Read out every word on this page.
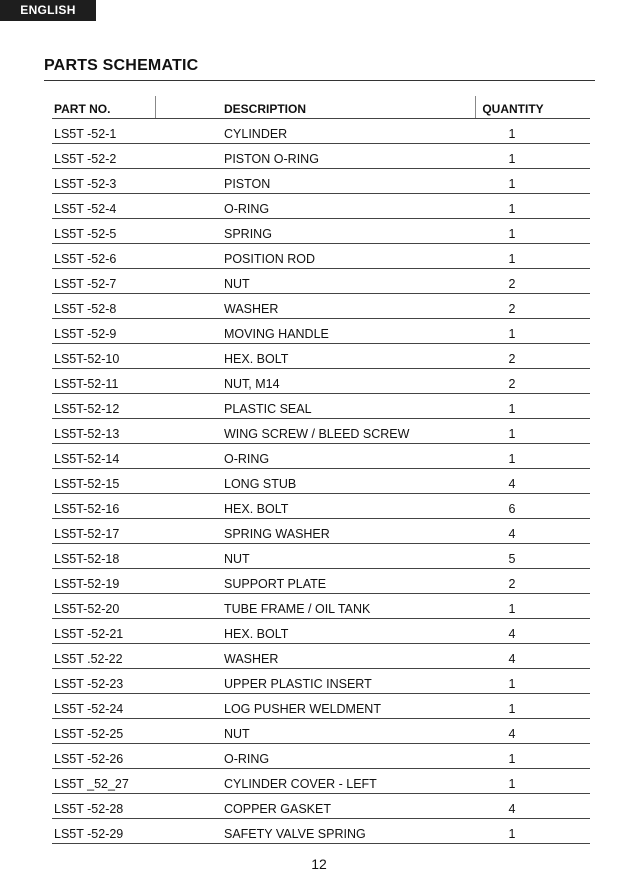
ENGLISH
PARTS SCHEMATIC
PART NO.	DESCRIPTION	QUANTITY
LS5T -52-1	CYLINDER	1
LS5T -52-2	PISTON O-RING	1
LS5T -52-3	PISTON	1
LS5T -52-4	O-RING	1
LS5T -52-5	SPRING	1
LS5T -52-6	POSITION ROD	1
LS5T -52-7	NUT	2
LS5T -52-8	WASHER	2
LS5T -52-9	MOVING HANDLE	1
LS5T-52-10	HEX. BOLT	2
LS5T-52-11	NUT, M14	2
LS5T-52-12	PLASTIC SEAL	1
LS5T-52-13	WING SCREW / BLEED SCREW	1
LS5T-52-14	O-RING	1
LS5T-52-15	LONG STUB	4
LS5T-52-16	HEX. BOLT	6
LS5T-52-17	SPRING WASHER	4
LS5T-52-18	NUT	5
LS5T-52-19	SUPPORT PLATE	2
LS5T-52-20	TUBE FRAME / OIL TANK	1
LS5T -52-21	HEX. BOLT	4
LS5T .52-22	WASHER	4
LS5T -52-23	UPPER PLASTIC INSERT	1
LS5T -52-24	LOG PUSHER WELDMENT	1
LS5T -52-25	NUT	4
LS5T -52-26	O-RING	1
LS5T _52_27	CYLINDER COVER - LEFT	1
LS5T -52-28	COPPER GASKET	4
LS5T -52-29	SAFETY VALVE SPRING	1
12
